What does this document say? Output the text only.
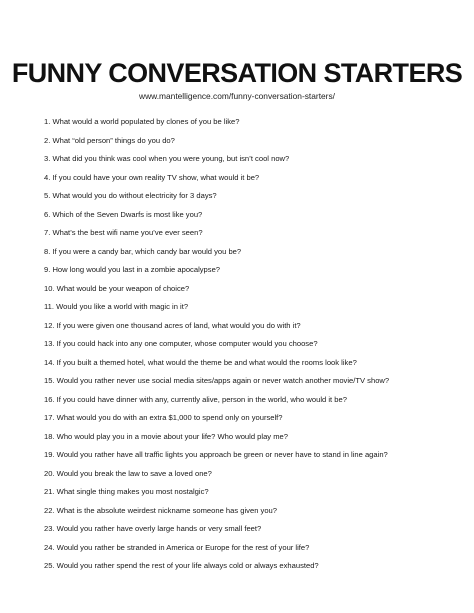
FUNNY CONVERSATION STARTERS
www.mantelligence.com/funny-conversation-starters/
1. What would a world populated by clones of you be like?
2. What “old person” things do you do?
3. What did you think was cool when you were young, but isn’t cool now?
4. If you could have your own reality TV show, what would it be?
5. What would you do without electricity for 3 days?
6. Which of the Seven Dwarfs is most like you?
7. What’s the best wifi name you’ve ever seen?
8. If you were a candy bar, which candy bar would you be?
9. How long would you last in a zombie apocalypse?
10. What would be your weapon of choice?
11. Would you like a world with magic in it?
12. If you were given one thousand acres of land, what would you do with it?
13. If you could hack into any one computer, whose computer would you choose?
14. If you built a themed hotel, what would the theme be and what would the rooms look like?
15. Would you rather never use social media sites/apps again or never watch another movie/TV show?
16. If you could have dinner with any, currently alive, person in the world, who would it be?
17. What would you do with an extra $1,000 to spend only on yourself?
18. Who would play you in a movie about your life? Who would play me?
19. Would you rather have all traffic lights you approach be green or never have to stand in line again?
20. Would you break the law to save a loved one?
21. What single thing makes you most nostalgic?
22. What is the absolute weirdest nickname someone has given you?
23. Would you rather have overly large hands or very small feet?
24. Would you rather be stranded in America or Europe for the rest of your life?
25. Would you rather spend the rest of your life always cold or always exhausted?
